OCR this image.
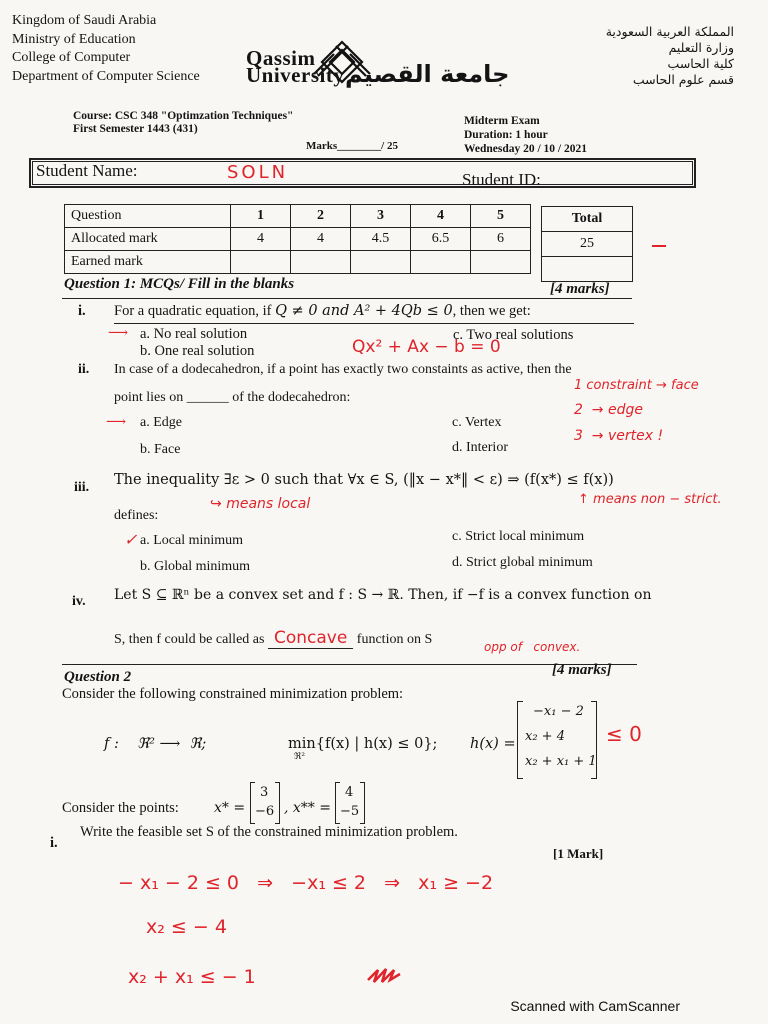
Kingdom of Saudi Arabia
Ministry of Education
College of Computer
Department of Computer Science
Qassim University جامعة القصيم
المملكة العربية السعودية
وزارة التعليم
كلية الحاسب
قسم علوم الحاسب
Course: CSC 348 "Optimzation Techniques"
First Semester 1443 (431)
Marks________/ 25
Midterm Exam
Duration: 1 hour
Wednesday 20 / 10 / 2021
Student Name:	SOLN	Student ID:
Question	1	2	3	4	5
Allocated mark	4	4	4.5	6.5	6
Earned mark					
Total
25

Question 1: MCQs/ Fill in the blanks	[4 marks]
i. For a quadratic equation, if Q ≠ 0 and A² + 4Qb ≤ 0, then we get:
⟶ a. No real solution
b. One real solution
c. Two real solutions
Qx² + Ax − b = 0
ii. In case of a dodecahedron, if a point has exactly two constaints as active, then the
point lies on ______ of the dodecahedron:
⟶ a. Edge
b. Face
c. Vertex
d. Interior
1 constraint → face
2  → edge
3  → vertex !
iii. The inequality ∃ε > 0 such that ∀x ∈ S, (‖x − x*‖ < ε) ⇒ (f(x*) ≤ f(x))
↪ means local	↑ means non − strict.
defines:
✓ a. Local minimum
b. Global minimum
c. Strict local minimum
d. Strict global minimum
iv. Let S ⊆ ℝⁿ be a convex set and f : S → ℝ. Then, if −f is a convex function on
S, then f could be called as Concave function on S	opp of   convex.
Question 2	[4 marks]
Consider the following constrained minimization problem:
f :    ℜ² ⟶  ℜ;	min{f(x) | h(x) ≤ 0};
ℜ²
h(x) =
−x₁ − 2
x₂ + 4
x₂ + x₁ + 1
≤ 0
Consider the points:	x* =
3
−6 , x** =
4
−5
i.
Write the feasible set S of the constrained minimization problem.
[1 Mark]
− x₁ − 2 ≤ 0   ⇒   −x₁ ≤ 2   ⇒   x₁ ≥ −2
x₂ ≤ − 4
x₂ + x₁ ≤ − 1
Scanned with CamScanner
